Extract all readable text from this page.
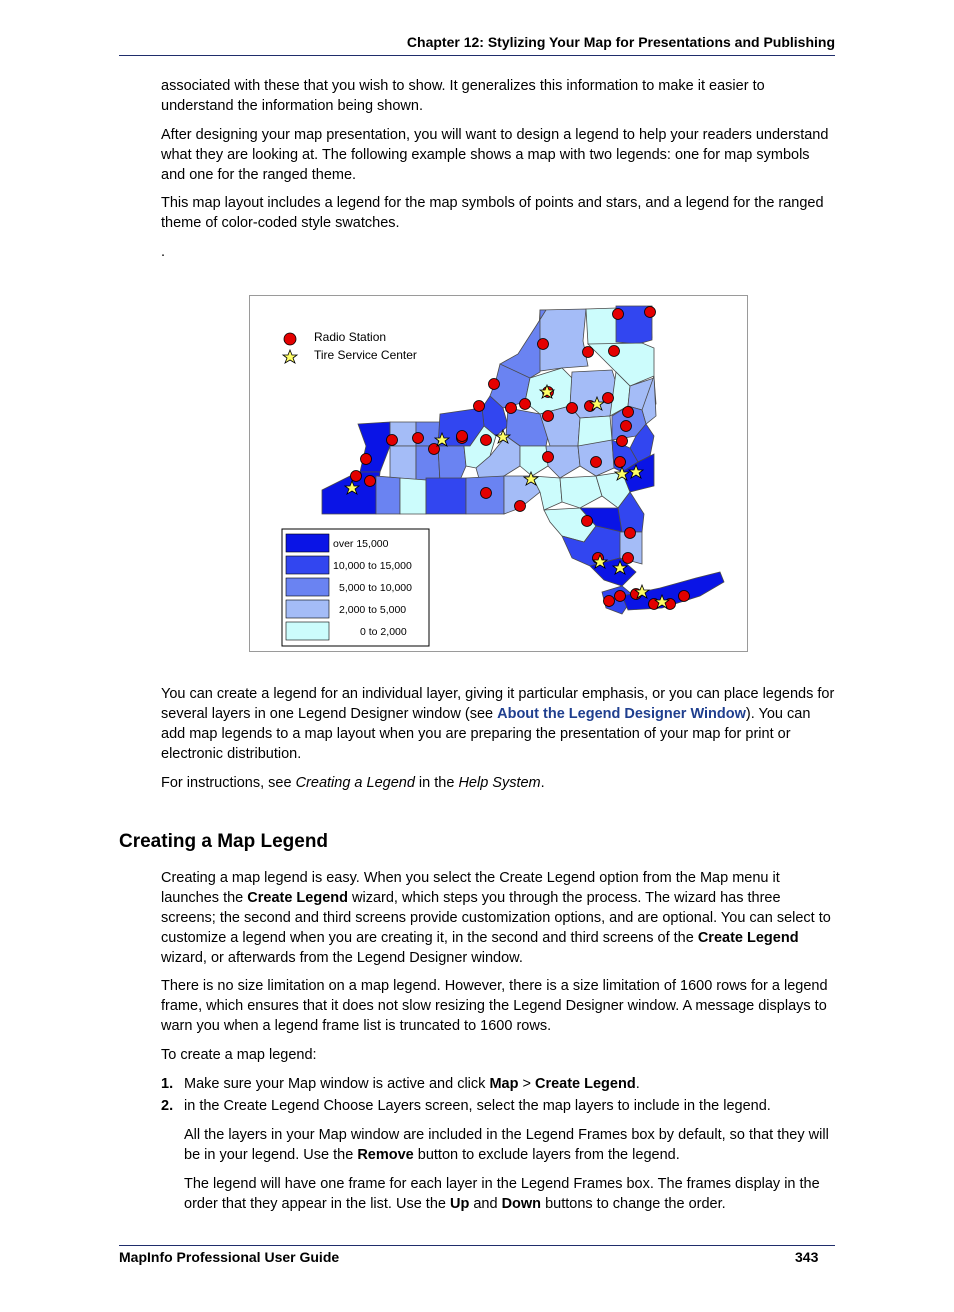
Chapter 12: Stylizing Your Map for Presentations and Publishing

associated with these that you wish to show. It generalizes this information to make it easier to understand the information being shown.

After designing your map presentation, you will want to design a legend to help your readers understand what they are looking at. The following example shows a map with two legends: one for map symbols and one for the ranged theme.

This map layout includes a legend for the map symbols of points and stars, and a legend for the ranged theme of color-coded style swatches.

.

Radio Station
Tire Service Center
over 15,000
10,000 to 15,000
5,000 to 10,000
2,000 to 5,000
0 to 2,000

You can create a legend for an individual layer, giving it particular emphasis, or you can place legends for several layers in one Legend Designer window (see About the Legend Designer Window). You can add map legends to a map layout when you are preparing the presentation of your map for print or electronic distribution.

For instructions, see Creating a Legend in the Help System.

Creating a Map Legend

Creating a map legend is easy. When you select the Create Legend option from the Map menu it launches the Create Legend wizard, which steps you through the process. The wizard has three screens; the second and third screens provide customization options, and are optional. You can select to customize a legend when you are creating it, in the second and third screens of the Create Legend wizard, or afterwards from the Legend Designer window.

There is no size limitation on a map legend. However, there is a size limitation of 1600 rows for a legend frame, which ensures that it does not slow resizing the Legend Designer window. A message displays to warn you when a legend frame list is truncated to 1600 rows.

To create a map legend:

1. Make sure your Map window is active and click Map > Create Legend.

2. in the Create Legend Choose Layers screen, select the map layers to include in the legend.

All the layers in your Map window are included in the Legend Frames box by default, so that they will be in your legend. Use the Remove button to exclude layers from the legend.

The legend will have one frame for each layer in the Legend Frames box. The frames display in the order that they appear in the list. Use the Up and Down buttons to change the order.

MapInfo Professional User Guide	343
